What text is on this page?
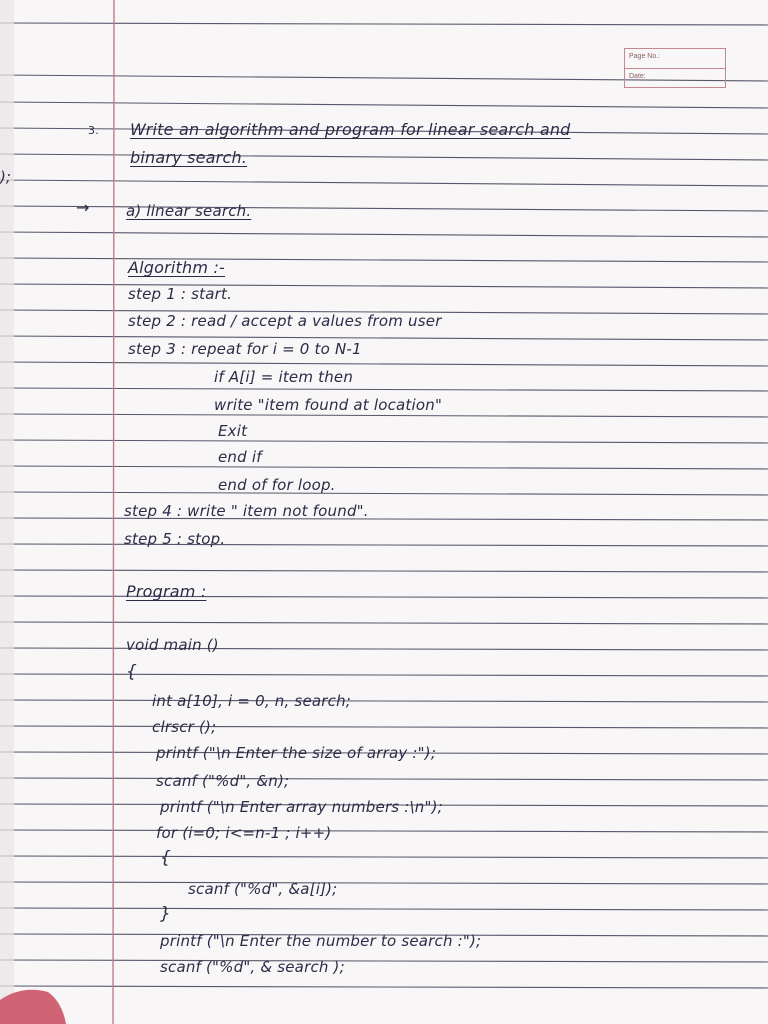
Page No.:
Date:
);
3. Write an algorithm and program for linear search and
binary search.
→ a) linear search.
Algorithm :-
step 1 : start.
step 2 : read / accept a values from user
step 3 : repeat for i = 0 to N-1
if A[i] = item then
write "item found at location"
Exit
end if
end of for loop.
step 4 : write " item not found".
step 5 : stop.
Program :
void main ()
{
int a[10], i = 0, n, search;
clrscr ();
printf ("\n Enter the size of array :");
scanf ("%d", &n);
printf ("\n Enter array numbers :\n");
for (i=0; i<=n-1 ; i++)
{
scanf ("%d", &a[i]);
}
printf ("\n Enter the number to search :");
scanf ("%d", & search );
